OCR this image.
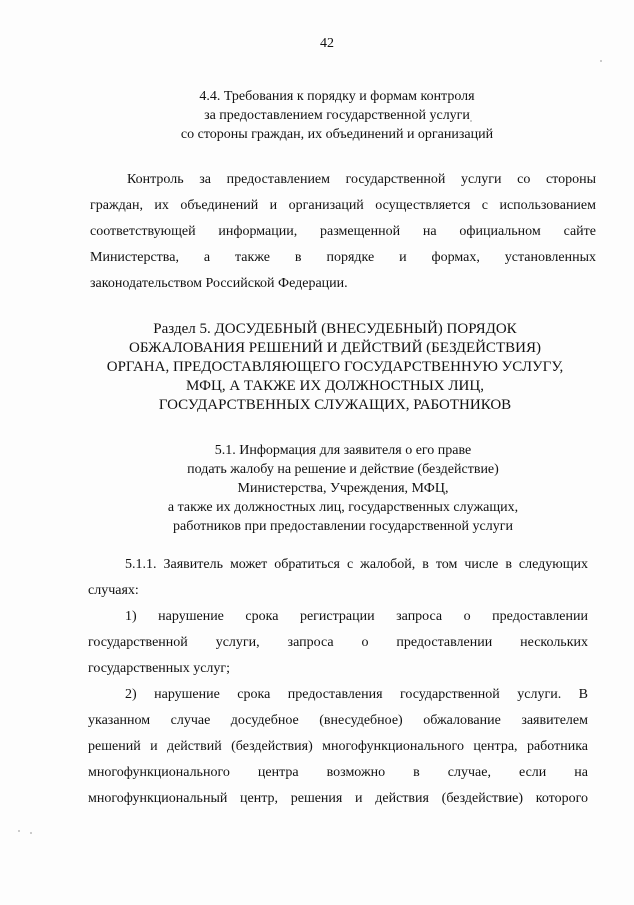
42
4.4. Требования к порядку и формам контроля
за предоставлением государственной услуги
со стороны граждан, их объединений и организаций
Контроль за предоставлением государственной услуги со стороны
граждан, их объединений и организаций осуществляется с использованием
соответствующей информации, размещенной на официальном сайте
Министерства, а также в порядке и формах, установленных
законодательством Российской Федерации.
Раздел 5. ДОСУДЕБНЫЙ (ВНЕСУДЕБНЫЙ) ПОРЯДОК
ОБЖАЛОВАНИЯ РЕШЕНИЙ И ДЕЙСТВИЙ (БЕЗДЕЙСТВИЯ)
ОРГАНА, ПРЕДОСТАВЛЯЮЩЕГО ГОСУДАРСТВЕННУЮ УСЛУГУ,
МФЦ, А ТАКЖЕ ИХ ДОЛЖНОСТНЫХ ЛИЦ,
ГОСУДАРСТВЕННЫХ СЛУЖАЩИХ, РАБОТНИКОВ
5.1. Информация для заявителя о его праве
подать жалобу на решение и действие (бездействие)
Министерства, Учреждения, МФЦ,
а также их должностных лиц, государственных служащих,
работников при предоставлении государственной услуги
5.1.1. Заявитель может обратиться с жалобой, в том числе в следующих
случаях:
1) нарушение срока регистрации запроса о предоставлении
государственной услуги, запроса о предоставлении нескольких
государственных услуг;
2) нарушение срока предоставления государственной услуги. В
указанном случае досудебное (внесудебное) обжалование заявителем
решений и действий (бездействия) многофункционального центра, работника
многофункционального центра возможно в случае, если на
многофункциональный центр, решения и действия (бездействие) которого
